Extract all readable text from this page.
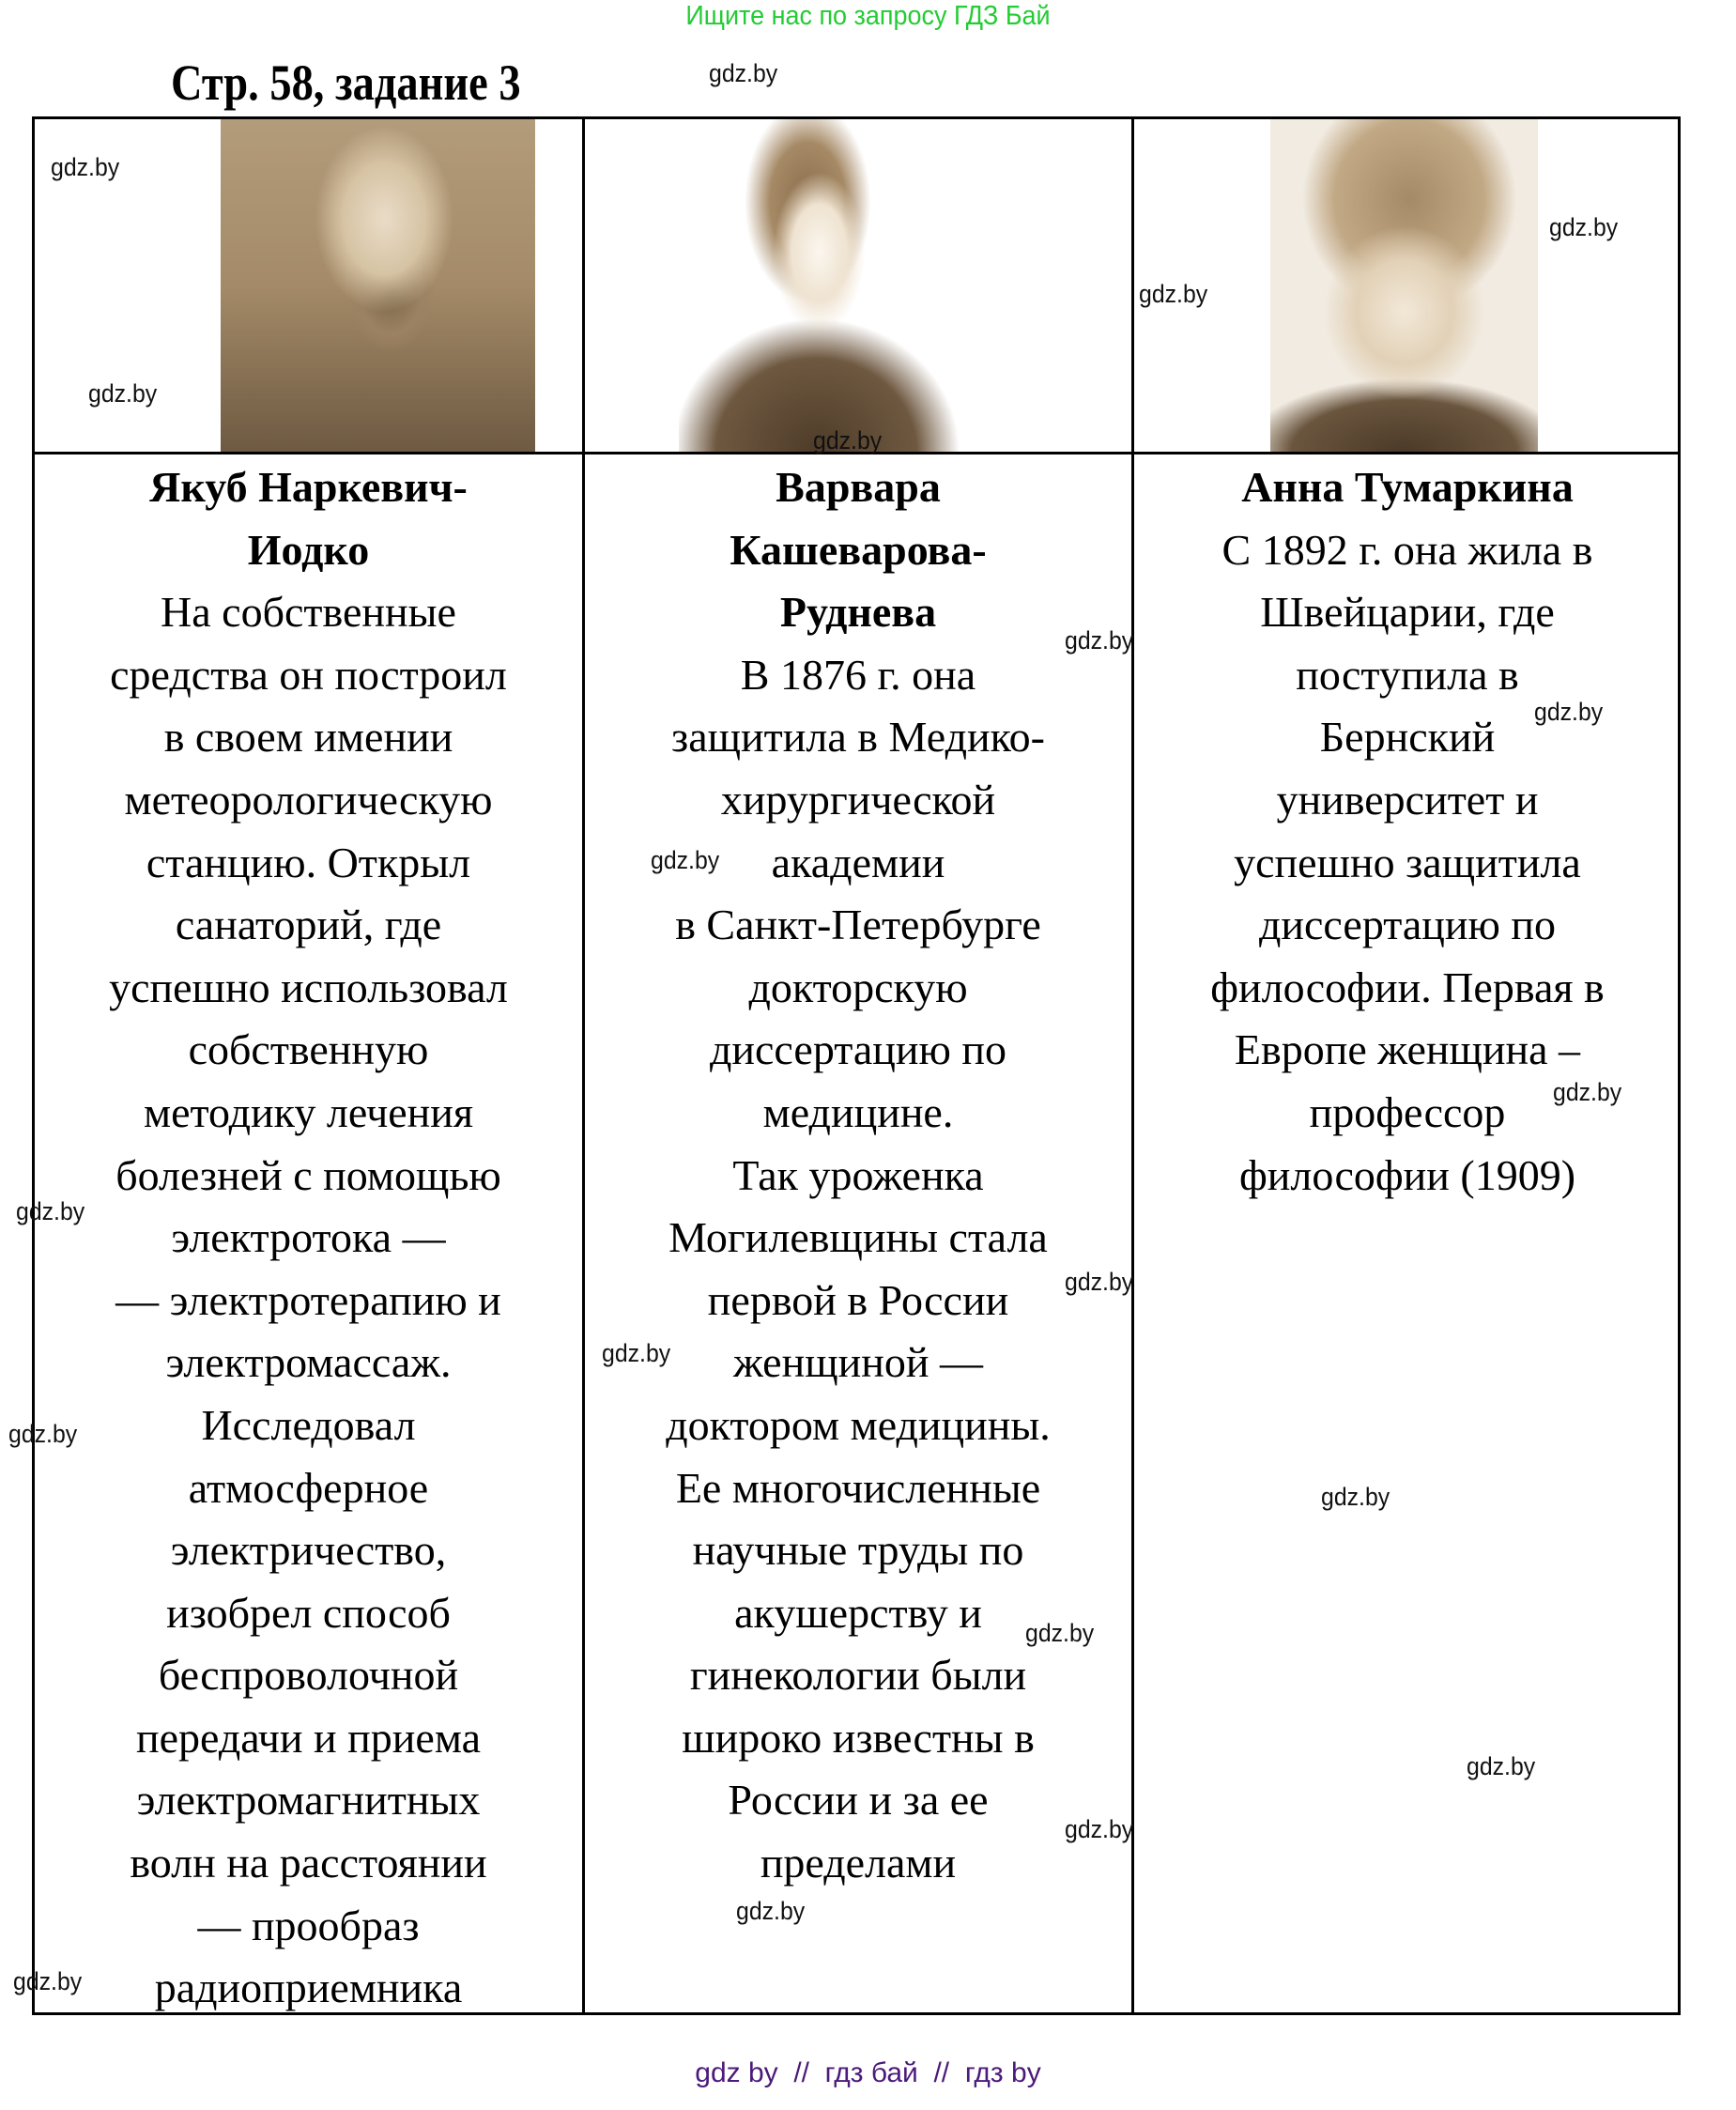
Ищите нас по запросу ГДЗ Бай
Стр. 58, задание 3
Якуб Наркевич-
Иодко
На собственные
средства он построил
в своем имении
метеорологическую
станцию. Открыл
санаторий, где
успешно использовал
собственную
методику лечения
болезней с помощью
электротока —
— электротерапию и
электромассаж.
Исследовал
атмосферное
электричество,
изобрел способ
беспроволочной
передачи и приема
электромагнитных
волн на расстоянии
— прообраз
радиоприемника
Варвара
Кашеварова-
Руднева
В 1876 г. она
защитила в Медико-
хирургической
академии
в Санкт-Петербурге
докторскую
диссертацию по
медицине.
Так уроженка
Могилевщины стала
первой в России
женщиной —
доктором медицины.
Ее многочисленные
научные труды по
акушерству и
гинекологии были
широко известны в
России и за ее
пределами
Анна Тумаркина
С 1892 г. она жила в
Швейцарии, где
поступила в
Бернский
университет и
успешно защитила
диссертацию по
философии. Первая в
Европе женщина –
профессор
философии (1909)
gdz.by
gdz.by
gdz.by
gdz.by
gdz.by
gdz.by
gdz.by
gdz.by
gdz.by
gdz.by
gdz.by
gdz.by
gdz.by
gdz.by
gdz.by
gdz.by
gdz.by
gdz.by
gdz.by
gdz.by
gdz by  //  гдз бай  //  гдз by
